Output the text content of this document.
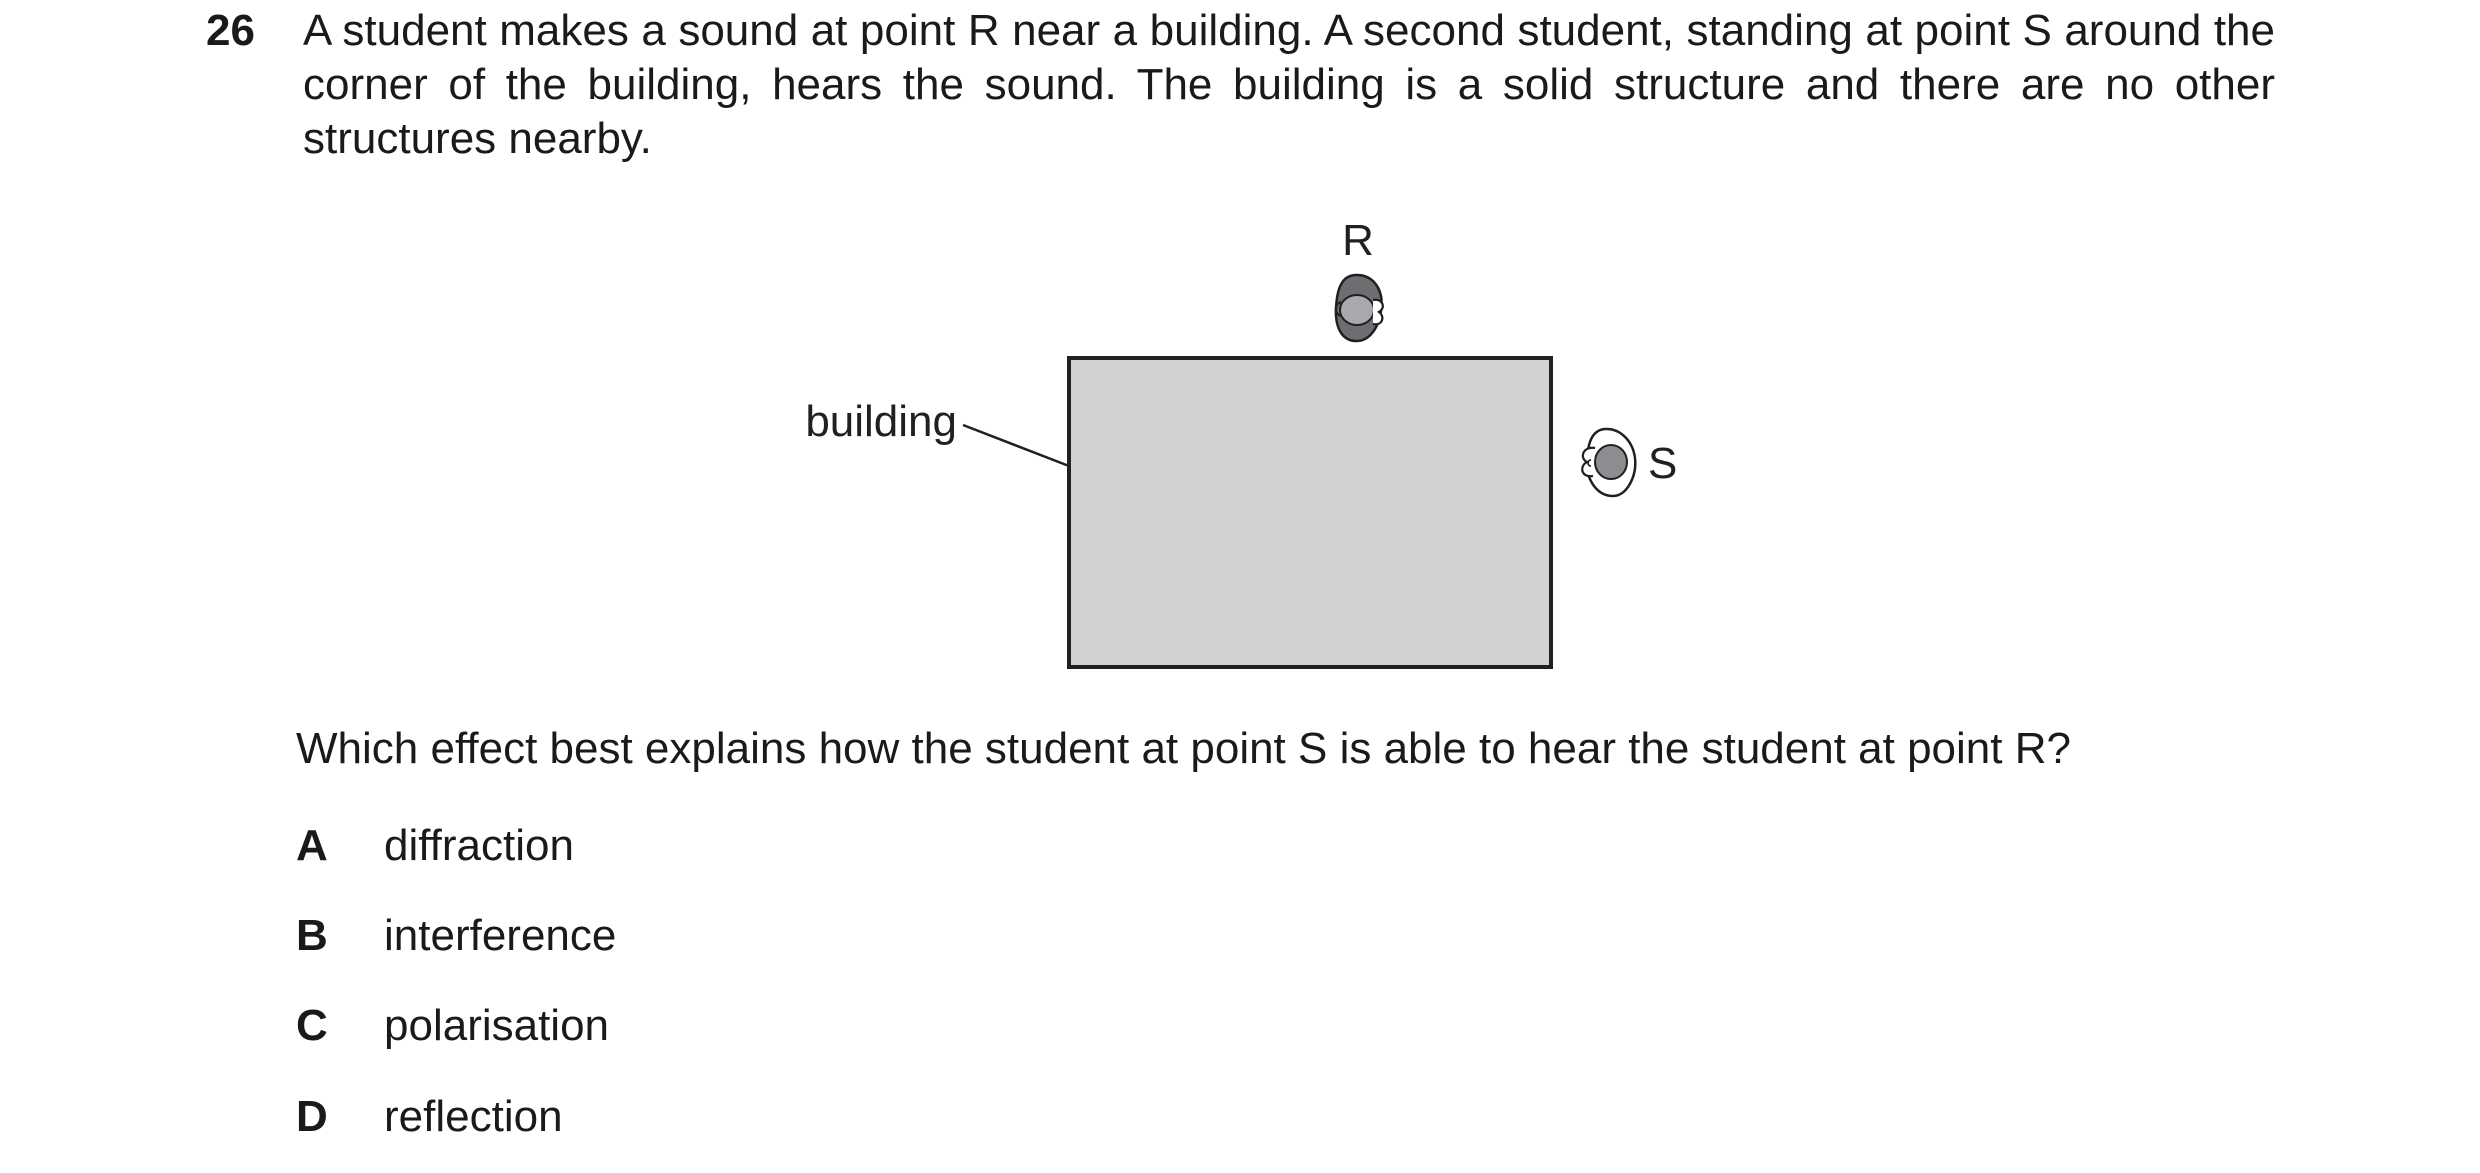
26 A student makes a sound at point R near a building. A second student, standing at point S around the corner of the building, hears the sound. The building is a solid structure and there are no other structures nearby.

building
R
S

Which effect best explains how the student at point S is able to hear the student at point R?

A diffraction
B interference
C polarisation
D reflection
